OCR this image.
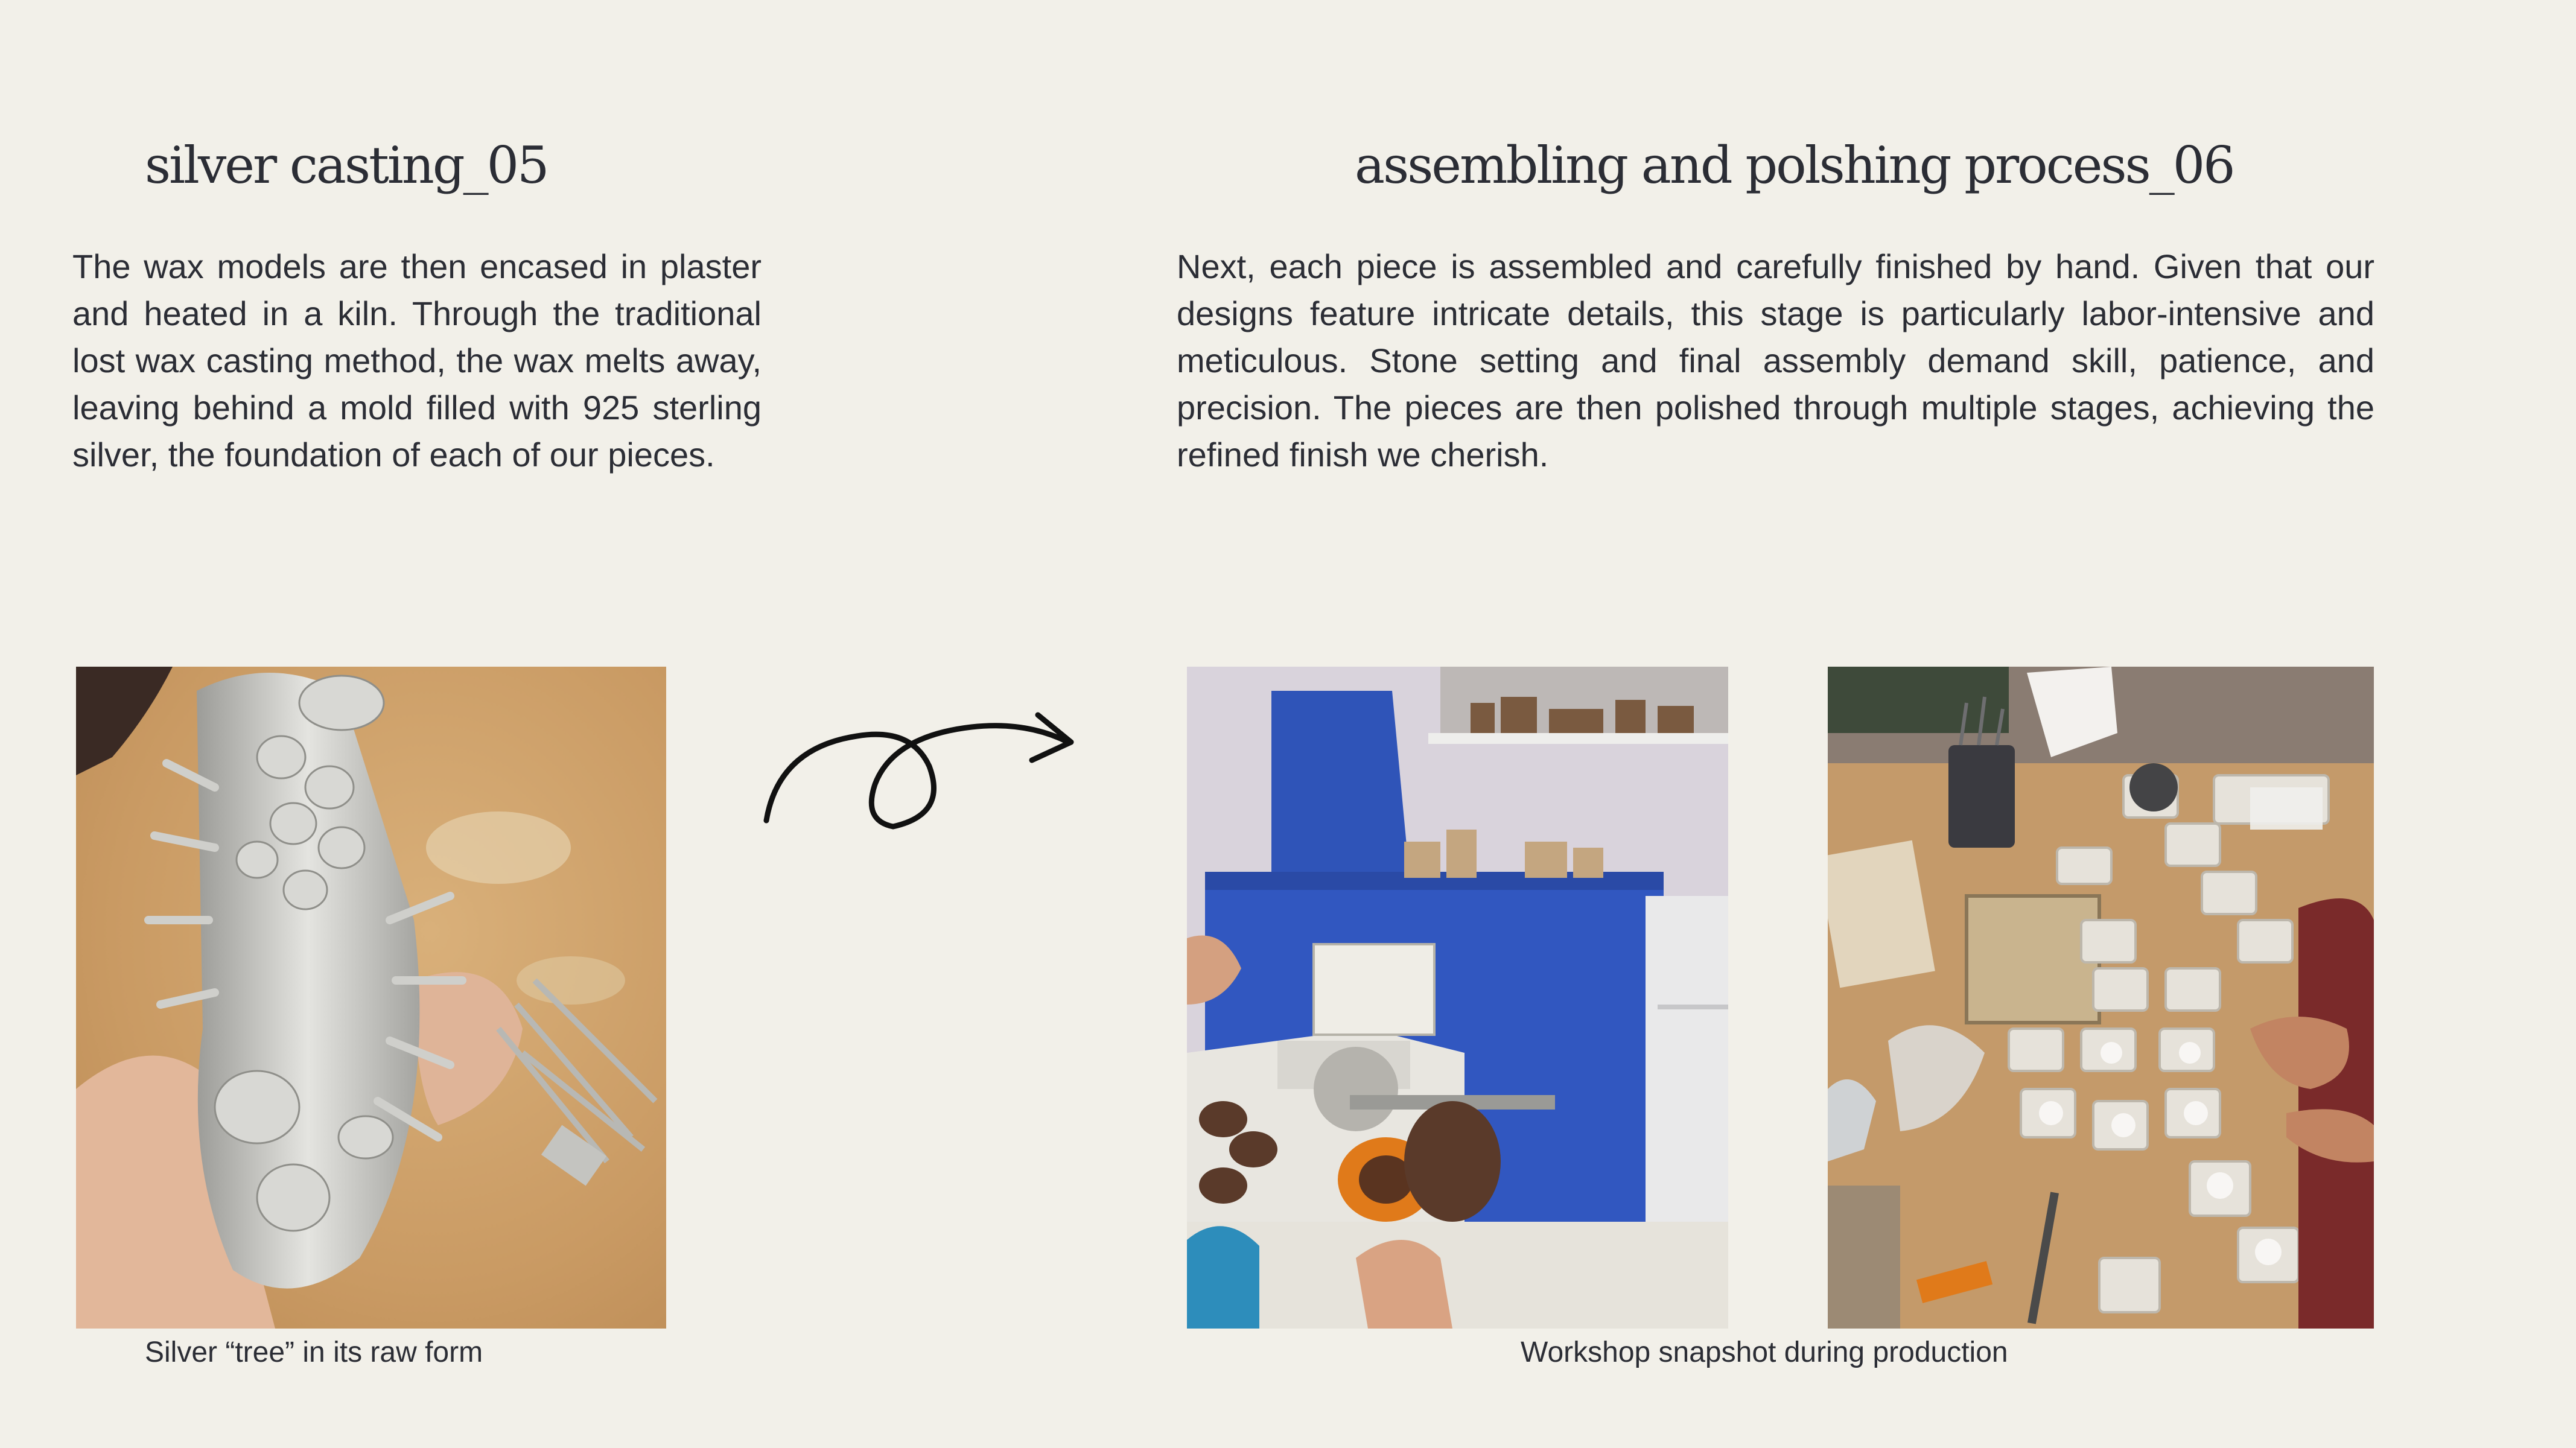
silver casting_05	assembling and polshing process_06

The wax models are then encased in plaster and heated in a kiln. Through the traditional lost wax casting method, the wax melts away, leaving behind a mold filled with 925 sterling silver, the foundation of each of our pieces.

Next, each piece is assembled and carefully finished by hand. Given that our designs feature intricate details, this stage is particularly labor-intensive and meticulous. Stone setting and final assembly demand skill, patience, and precision. The pieces are then polished through multiple stages, achieving the refined finish we cherish.

Silver “tree” in its raw form	Workshop snapshot during production
